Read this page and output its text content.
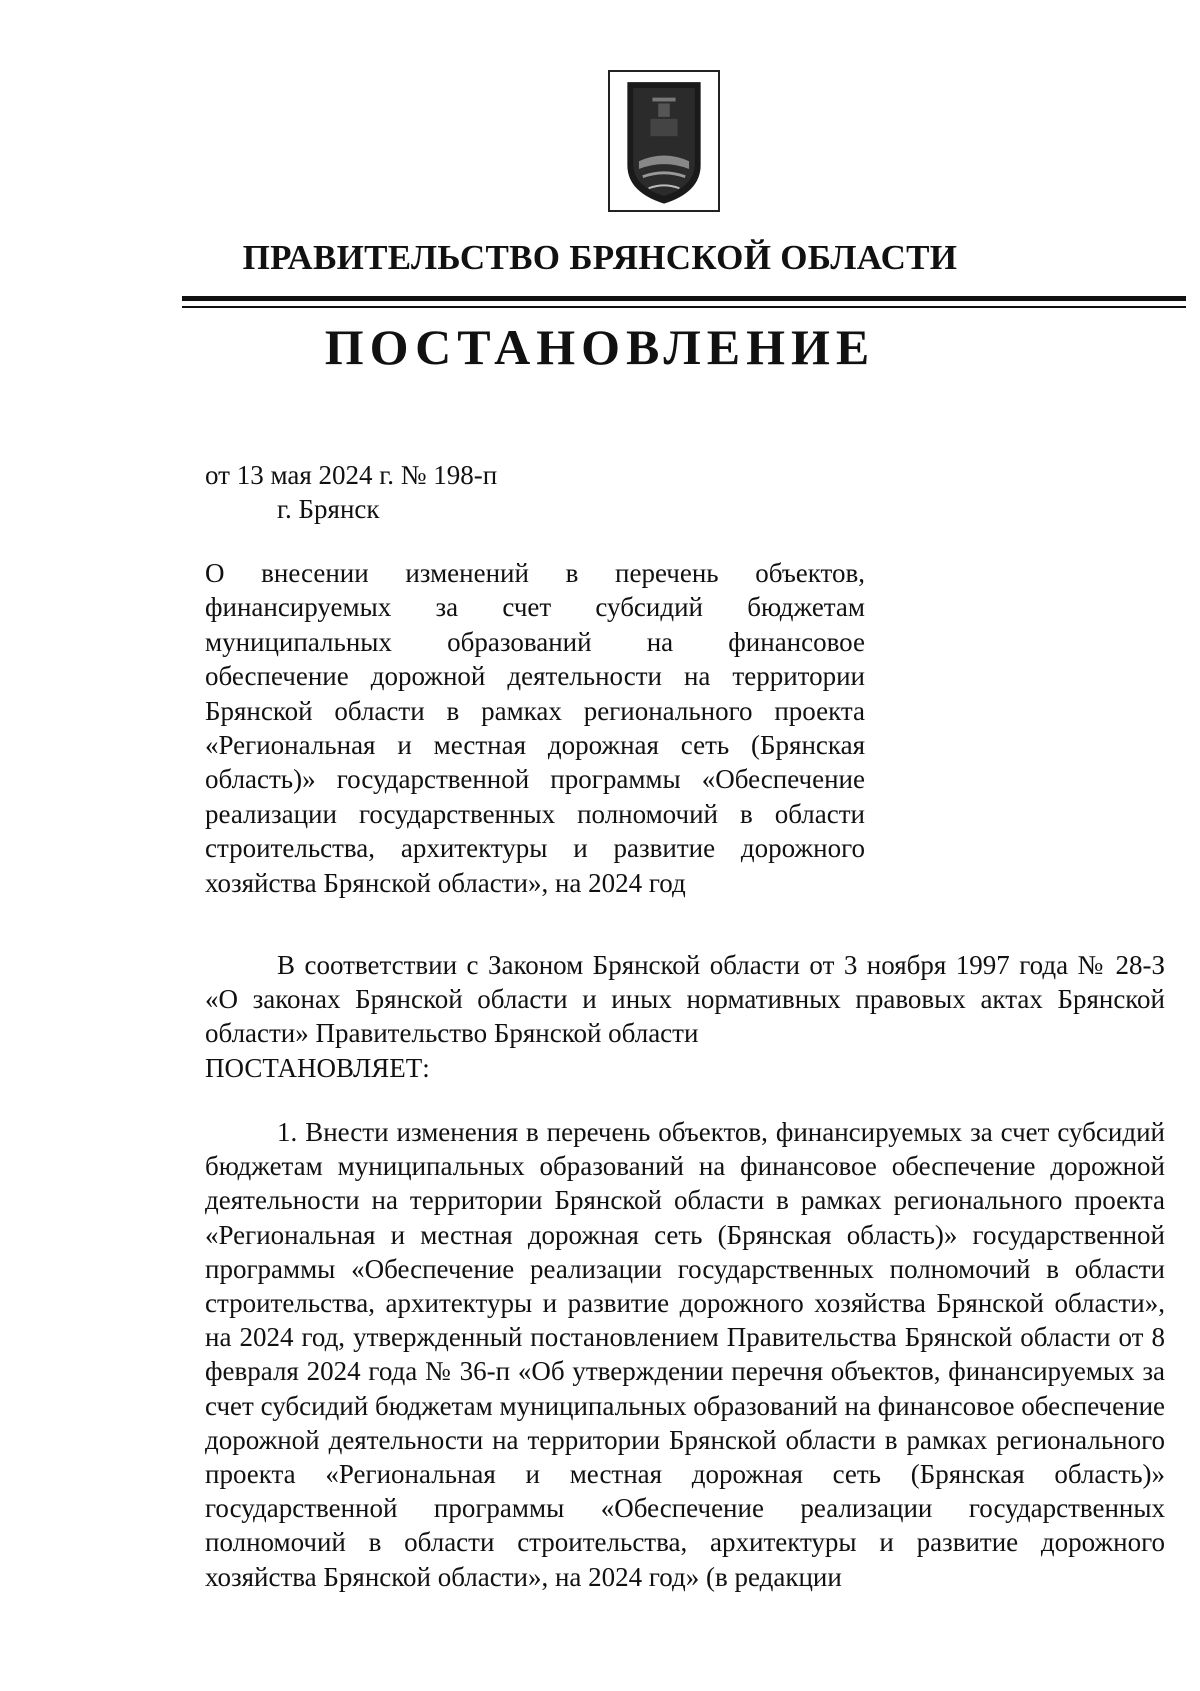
ПРАВИТЕЛЬСТВО БРЯНСКОЙ ОБЛАСТИ
ПОСТАНОВЛЕНИЕ
от 13 мая 2024 г. № 198-п
г. Брянск
О внесении изменений в перечень объектов, финансируемых за счет субсидий бюджетам муниципальных образований на финансовое обеспечение дорожной деятельности на территории Брянской области в рамках регионального проекта «Региональная и местная дорожная сеть (Брянская область)» государственной программы «Обеспечение реализации государственных полномочий в области строительства, архитектуры и развитие дорожного хозяйства Брянской области», на 2024 год
В соответствии с Законом Брянской области от 3 ноября 1997 года № 28-З «О законах Брянской области и иных нормативных правовых актах Брянской области» Правительство Брянской области
ПОСТАНОВЛЯЕТ:
1. Внести изменения в перечень объектов, финансируемых за счет субсидий бюджетам муниципальных образований на финансовое обеспечение дорожной деятельности на территории Брянской области в рамках регионального проекта «Региональная и местная дорожная сеть (Брянская область)» государственной программы «Обеспечение реализации государственных полномочий в области строительства, архитектуры и развитие дорожного хозяйства Брянской области», на 2024 год, утвержденный постановлением Правительства Брянской области от 8 февраля 2024 года № 36-п «Об утверждении перечня объектов, финансируемых за счет субсидий бюджетам муниципальных образований на финансовое обеспечение дорожной деятельности на территории Брянской области в рамках регионального проекта «Региональная и местная дорожная сеть (Брянская область)» государственной программы «Обеспечение реализации государственных полномочий в области строительства, архитектуры и развитие дорожного хозяйства Брянской области», на 2024 год» (в редакции
